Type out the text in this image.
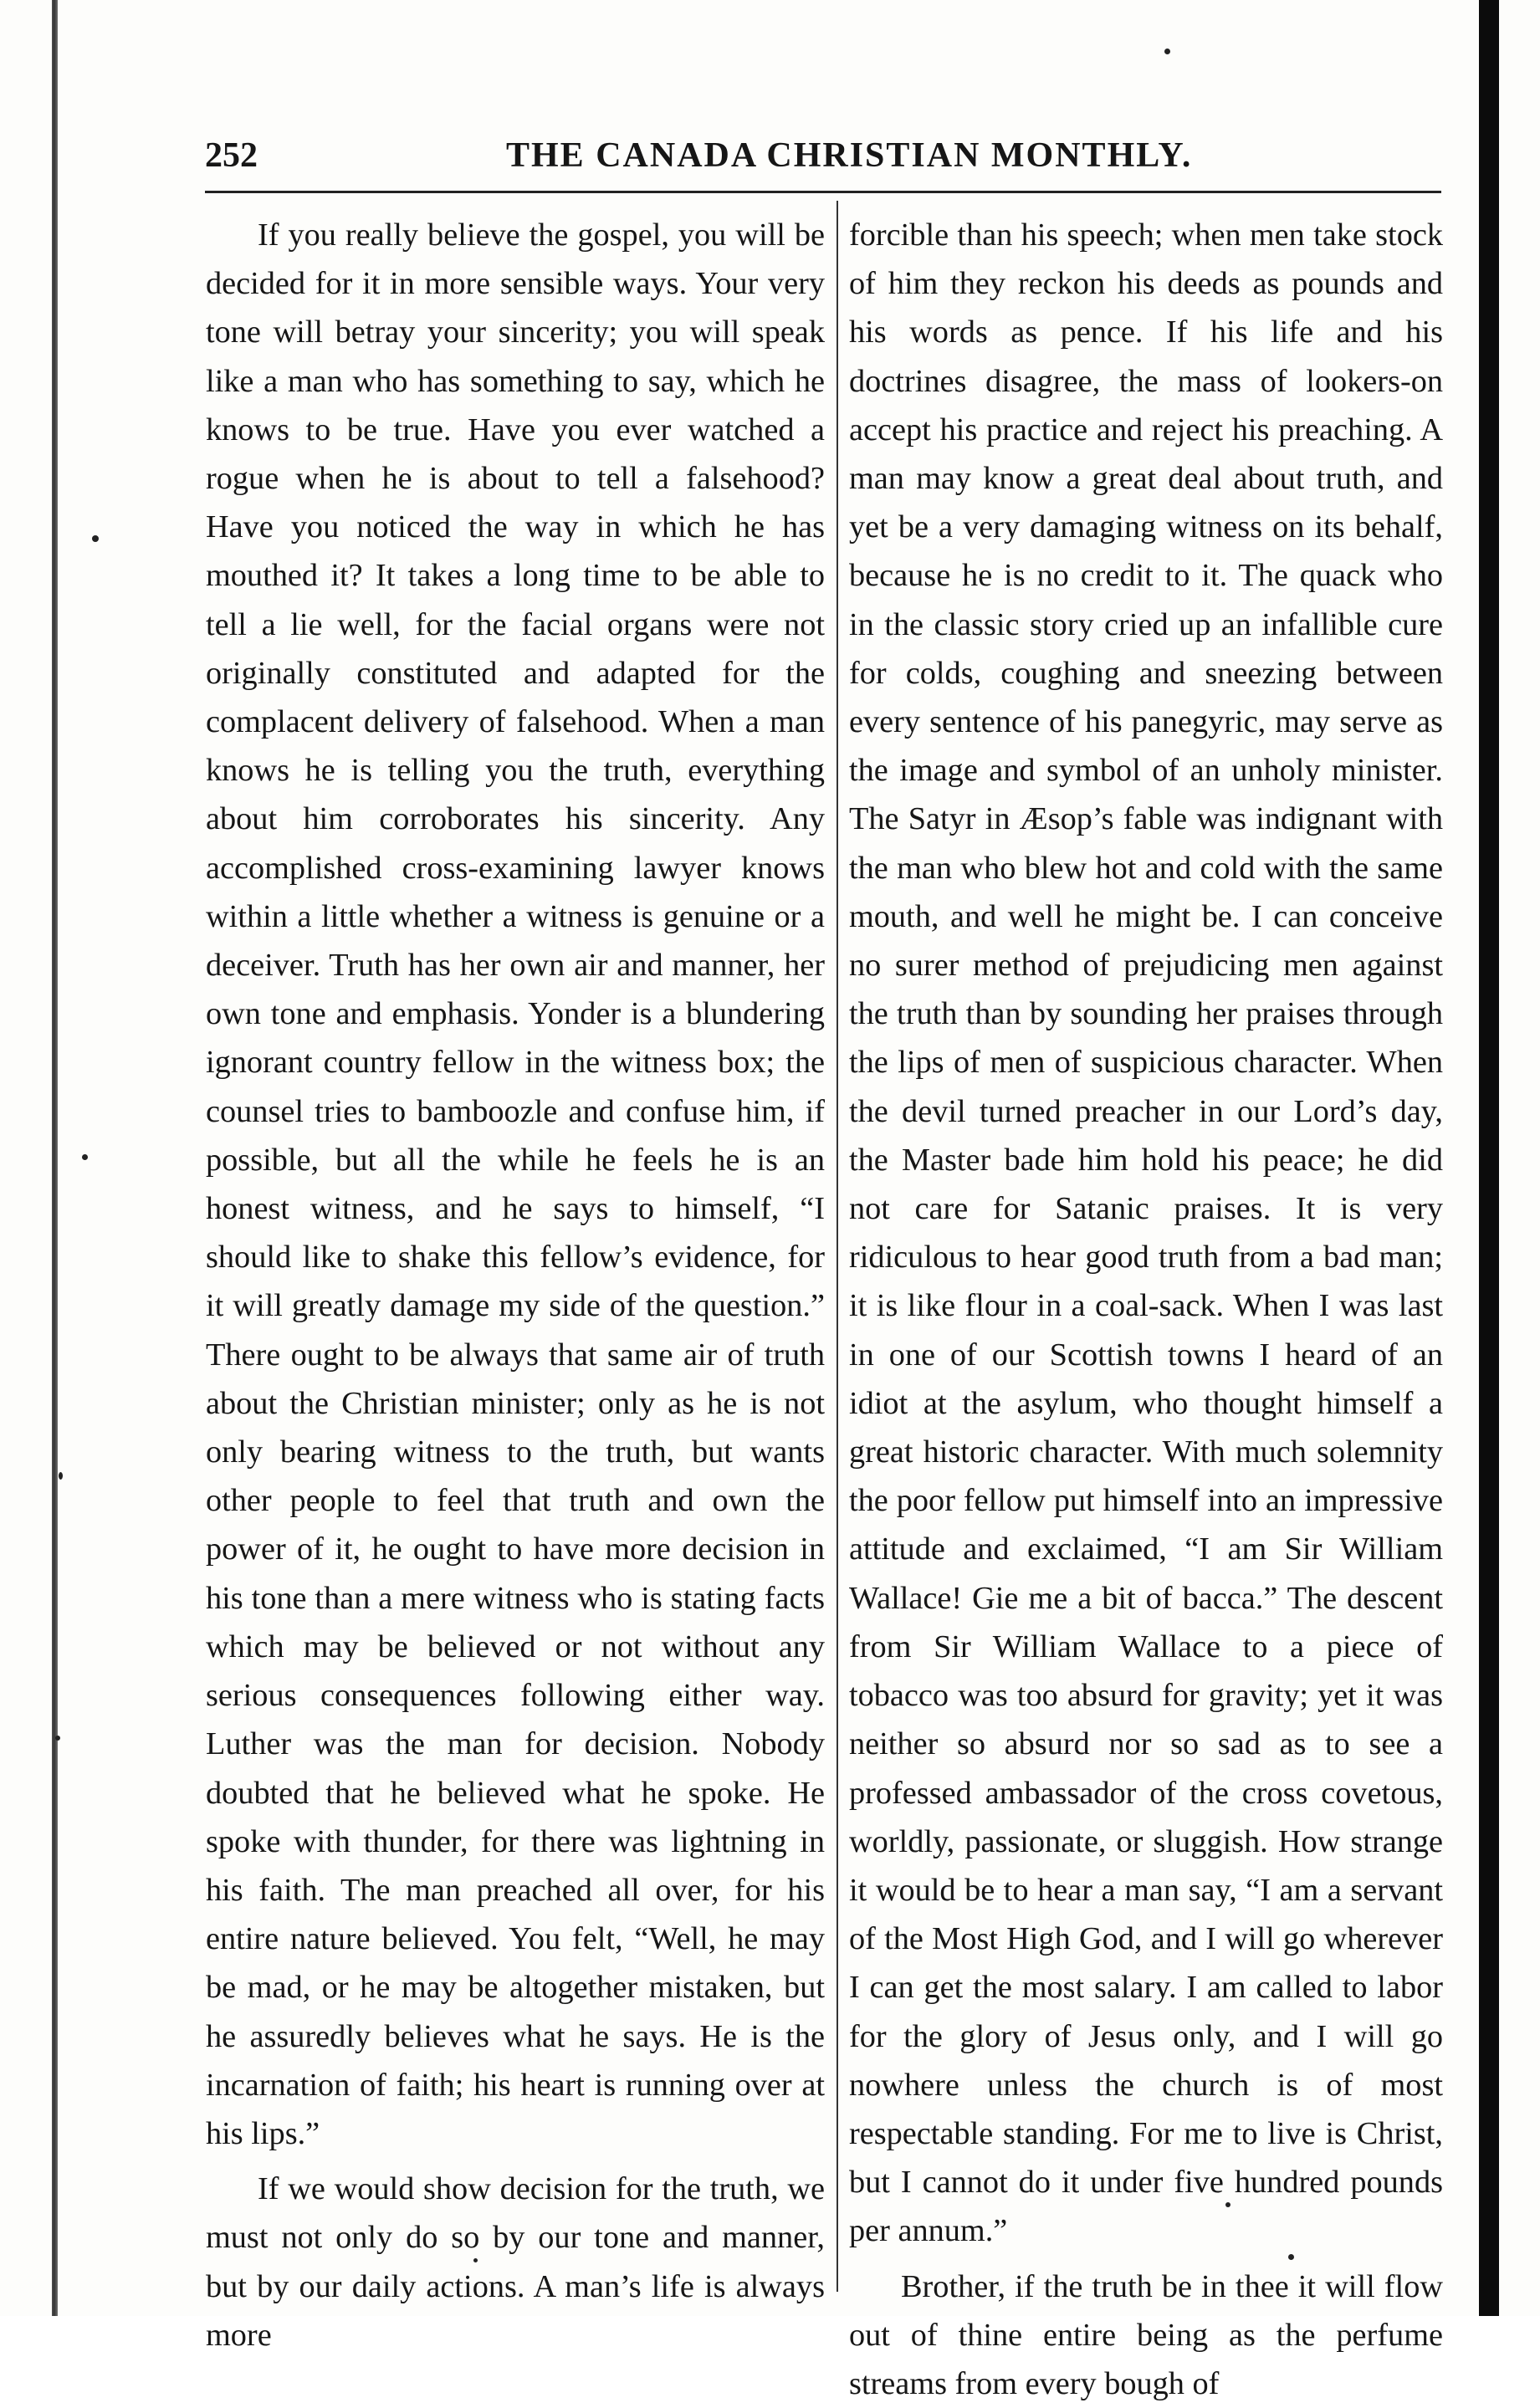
252	THE CANADA CHRISTIAN MONTHLY.

If you really believe the gospel, you will be decided for it in more sensible ways. Your very tone will betray your sincerity; you will speak like a man who has something to say, which he knows to be true. Have you ever watched a rogue when he is about to tell a falsehood? Have you noticed the way in which he has mouthed it? It takes a long time to be able to tell a lie well, for the facial organs were not originally constituted and adapted for the complacent delivery of falsehood. When a man knows he is telling you the truth, everything about him corroborates his sincerity. Any accomplished cross-examining lawyer knows within a little whether a witness is genuine or a deceiver. Truth has her own air and manner, her own tone and emphasis. Yonder is a blundering ignorant country fellow in the witness box; the counsel tries to bamboozle and confuse him, if possible, but all the while he feels he is an honest witness, and he says to himself, “I should like to shake this fellow’s evidence, for it will greatly damage my side of the question.” There ought to be always that same air of truth about the Christian minister; only as he is not only bearing witness to the truth, but wants other people to feel that truth and own the power of it, he ought to have more decision in his tone than a mere witness who is stating facts which may be believed or not without any serious consequences following either way. Luther was the man for decision. Nobody doubted that he believed what he spoke. He spoke with thunder, for there was lightning in his faith. The man preached all over, for his entire nature believed. You felt, “Well, he may be mad, or he may be altogether mistaken, but he assuredly believes what he says. He is the incarnation of faith; his heart is running over at his lips.”

If we would show decision for the truth, we must not only do so by our tone and manner, but by our daily actions. A man’s life is always more

forcible than his speech; when men take stock of him they reckon his deeds as pounds and his words as pence. If his life and his doctrines disagree, the mass of lookers-on accept his practice and reject his preaching. A man may know a great deal about truth, and yet be a very damaging witness on its behalf, because he is no credit to it. The quack who in the classic story cried up an infallible cure for colds, coughing and sneezing between every sentence of his panegyric, may serve as the image and symbol of an unholy minister. The Satyr in Æsop’s fable was indignant with the man who blew hot and cold with the same mouth, and well he might be. I can conceive no surer method of prejudicing men against the truth than by sounding her praises through the lips of men of suspicious character. When the devil turned preacher in our Lord’s day, the Master bade him hold his peace; he did not care for Satanic praises. It is very ridiculous to hear good truth from a bad man; it is like flour in a coal-sack. When I was last in one of our Scottish towns I heard of an idiot at the asylum, who thought himself a great historic character. With much solemnity the poor fellow put himself into an impressive attitude and exclaimed, “I am Sir William Wallace! Gie me a bit of bacca.” The descent from Sir William Wallace to a piece of tobacco was too absurd for gravity; yet it was neither so absurd nor so sad as to see a professed ambassador of the cross covetous, worldly, passionate, or sluggish. How strange it would be to hear a man say, “I am a servant of the Most High God, and I will go wherever I can get the most salary. I am called to labor for the glory of Jesus only, and I will go nowhere unless the church is of most respectable standing. For me to live is Christ, but I cannot do it under five hundred pounds per annum.”

Brother, if the truth be in thee it will flow out of thine entire being as the perfume streams from every bough of
